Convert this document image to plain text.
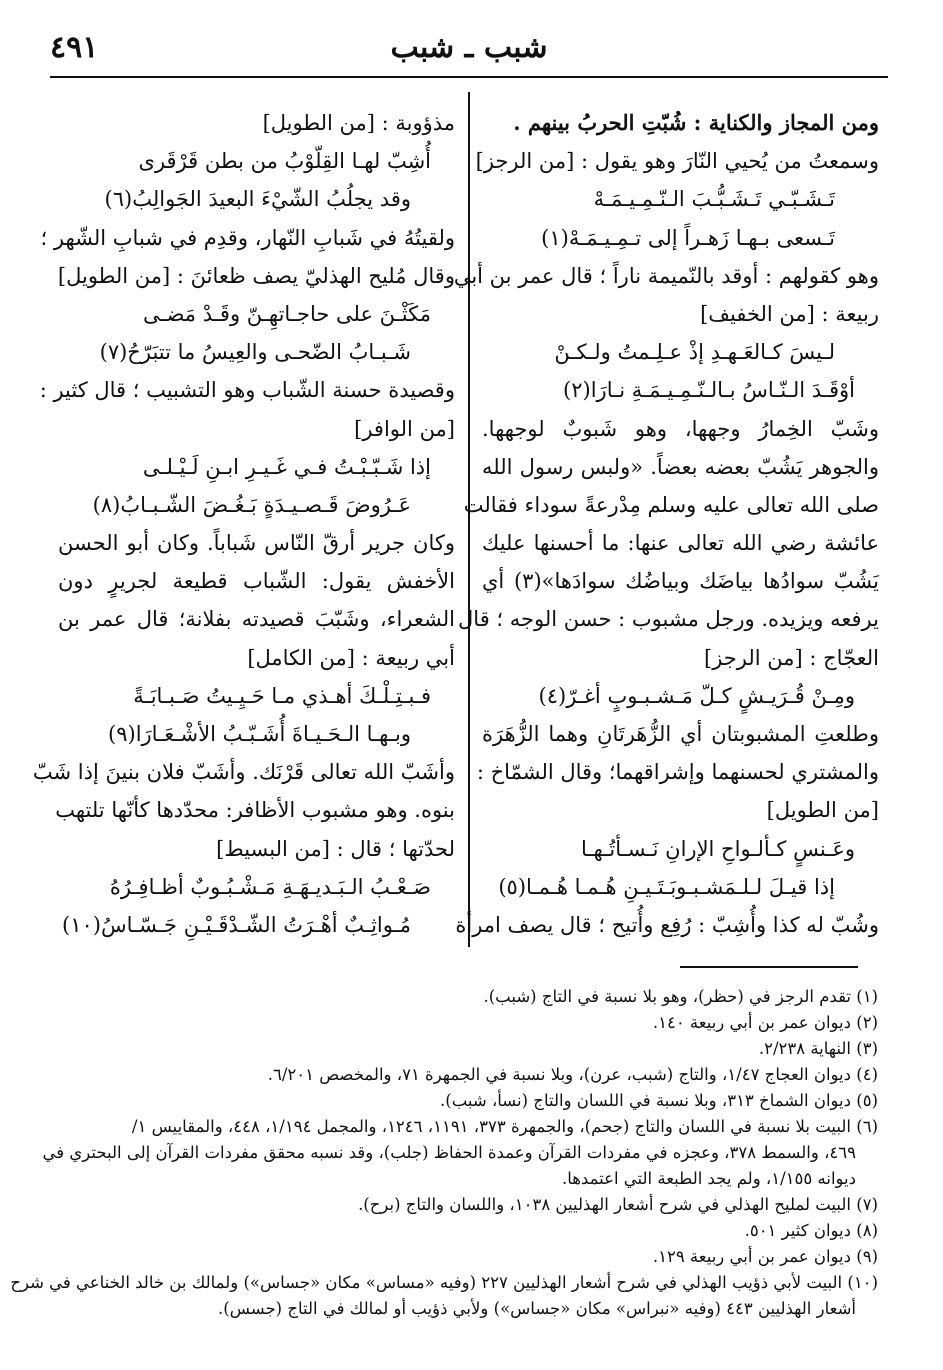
٤٩١	شبب ـ شبب
ومن المجاز والكناية : شُبّتِ الحربُ بينهم .
وسمعتُ من يُحيي النّارَ وهو يقول : [من الرجز]
تَـشَـبّـي تَـشَـبُّـبَ الـنّـمِـيـمَـهْ
تَـسعى بـهـا زَهـراً إلى تـمِـيـمَـهْ(١)
وهو كقولهم : أوقد بالنّميمة ناراً ؛ قال عمر بن أبي
ربيعة : [من الخفيف]
لـيسَ كـالعَـهـدِ إذْ عـلِـمتُ ولـكـنْ
أوْقَـدَ الـنّـاسُ بـالـنّـمِـيـمَـةِ نـارَا(٢)
وشَبّ الخِمارُ وجهها، وهو شَبوبٌ لوجهها.
والجوهر يَشُبّ بعضه بعضاً. «ولبس رسول الله
صلى الله تعالى عليه وسلم مِدْرعةً سوداء فقالت
عائشة رضي الله تعالى عنها: ما أحسنها عليك
يَشُبّ سوادُها بياضَك وبياضُك سوادَها»(٣) أي
يرفعه ويزيده. ورجل مشبوب : حسن الوجه ؛ قال
العجّاج : [من الرجز]
ومِـنْ قُـرَيـشٍ كـلّ مَـشـبـوبٍ أغـرّ(٤)
وطلعتِ المشبوبتان أي الزُّهَرتَانِ وهما الزُّهَرَة
والمشتري لحسنهما وإشراقهما؛ وقال الشمّاخ :
[من الطويل]
وعَـنسٍ كـألـواحِ الإرانِ نَـسـأتُـهـا
إذا قيـلَ لـلـمَشـبـوبَـتَـيـنِ هُـمـا هُـمـا(٥)
وشُبّ له كذا وأُشِبّ : رُفِع وأُتيح ؛ قال يصف امرأة
مذؤوبة : [من الطويل]
أُشِبّ لهـا القِلّوْبُ من بطن قَرْقَرى
وقد يجلُبُ الشّيْءَ البعيدَ الجَوالِبُ(٦)
ولقيتُهُ في شَبابِ النّهار، وقدِم في شبابِ الشّهر ؛
وقال مُليح الهذليّ يصف ظعائنَ : [من الطويل]
مَكَثْـنَ على حاجـاتهِـنّ وقَـدْ مَضـى
شَـبـابُ الضّحـى والعِيسُ ما تتبَرّحُ(٧)
وقصيدة حسنة الشّباب وهو التشبيب ؛ قال كثير :
[من الوافر]
إذا شَـبّـبْـتُ فـي غَـيـرِ ابـنِ لَـيْـلـى
عَـرُوضَ قَـصـيـدَةٍ بَـغُـضَ الشّـبـابُ(٨)
وكان جرير أرقّ النّاس شَباباً. وكان أبو الحسن
الأخفش يقول: الشّباب قطيعة لجريرٍ دون
الشعراء، وشَبّبَ قصيدته بفلانة؛ قال عمر بن
أبي ربيعة : [من الكامل]
فـبـتِـلْـكَ أهـذي مـا حَـيِـيتُ صَـبـابَـةً
وبـهـا الـحَـيـاةَ أُشَـبّـبُ الأشْـعَـارَا(٩)
وأشَبّ الله تعالى قَرْنَك. وأشَبّ فلان بنينَ إذا شَبّ
بنوه. وهو مشبوب الأظافر: محدّدها كأنّها تلتهب
لحدّتها ؛ قال : [من البسيط]
صَـعْـبُ الـبَـديـهَـةِ مَـشْـبُـوبٌ أظـافِـرُهُ
مُـواثِـبٌ أهْـرَتُ الشّـدْقَـيْـنِ جَـسّـاسُ(١٠)
(١) تقدم الرجز في (حظر)، وهو بلا نسبة في التاج (شبب).
(٢) ديوان عمر بن أبي ربيعة ١٤٠.
(٣) النهاية ٢/٢٣٨.
(٤) ديوان العجاج ١/٤٧، والتاج (شبب، عرن)، وبلا نسبة في الجمهرة ٧١، والمخصص ٦/٢٠١.
(٥) ديوان الشماخ ٣١٣، وبلا نسبة في اللسان والتاج (نسأ، شبب).
(٦) البيت بلا نسبة في اللسان والتاج (جحم)، والجمهرة ٣٧٣، ١١٩١، ١٢٤٦، والمجمل ١/١٩٤، ٤٤٨، والمقاييس ١/
٤٦٩، والسمط ٣٧٨، وعجزه في مفردات القرآن وعمدة الحفاظ (جلب)، وقد نسبه محقق مفردات القرآن إلى البحتري في
ديوانه ١/١٥٥، ولم يجد الطبعة التي اعتمدها.
(٧) البيت لمليح الهذلي في شرح أشعار الهذليين ١٠٣٨، واللسان والتاج (برح).
(٨) ديوان كثير ٥٠١.
(٩) ديوان عمر بن أبي ربيعة ١٢٩.
(١٠) البيت لأبي ذؤيب الهذلي في شرح أشعار الهذليين ٢٢٧ (وفيه «مساس» مكان «جساس») ولمالك بن خالد الخناعي في شرح
أشعار الهذليين ٤٤٣ (وفيه «نبراس» مكان «جساس») ولأبي ذؤيب أو لمالك في التاج (جسس).
